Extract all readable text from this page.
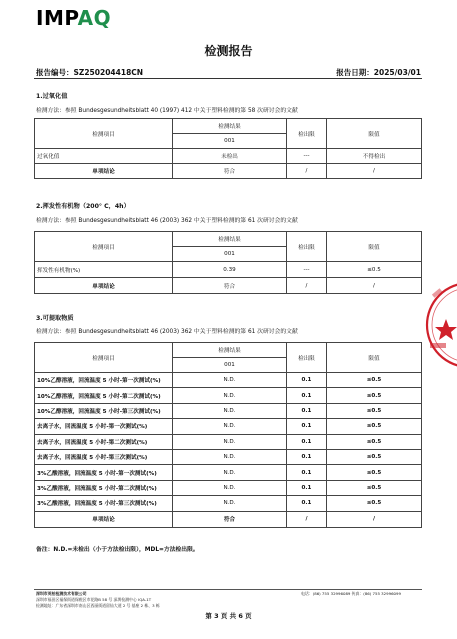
IMPAQ
检测报告
报告编号：SZ250204418CN	报告日期：2025/03/01
1.过氧化值
检测方法：参照 Bundesgesundheitsblatt 40 (1997) 412 中关于塑料检测的第 58 次研讨会的文献
检测项目	检测结果	检出限	限值
	001		
过氧化值	未检出	---	不得检出
单项结论	符合	/	/
2.挥发性有机物（200° C，4h）
检测方法：参照 Bundesgesundheitsblatt 46 (2003) 362 中关于塑料检测的第 61 次研讨会的文献
检测项目	检测结果	检出限	限值
	001		
挥发性有机物(%)	0.39	---	≤0.5
单项结论	符合	/	/
3.可提取物质
检测方法：参照 Bundesgesundheitsblatt 46 (2003) 362 中关于塑料检测的第 61 次研讨会的文献
检测项目	检测结果	检出限	限值
	001		
10%乙醇溶液，回流温度 5 小时-第一次测试(%)	N.D.	0.1	≤0.5
10%乙醇溶液，回流温度 5 小时-第二次测试(%)	N.D.	0.1	≤0.5
10%乙醇溶液，回流温度 5 小时-第三次测试(%)	N.D.	0.1	≤0.5
去离子水，回流温度 5 小时-第一次测试(%)	N.D.	0.1	≤0.5
去离子水，回流温度 5 小时-第二次测试(%)	N.D.	0.1	≤0.5
去离子水，回流温度 5 小时-第三次测试(%)	N.D.	0.1	≤0.5
3%乙酸溶液，回流温度 5 小时-第一次测试(%)	N.D.	0.1	≤0.5
3%乙酸溶液，回流温度 5 小时-第二次测试(%)	N.D.	0.1	≤0.5
3%乙酸溶液，回流温度 5 小时-第三次测试(%)	N.D.	0.1	≤0.5
单项结论	符合	/	/
备注：N.D.=未检出（小于方法检出限），MDL=方法检出限。
深圳市英柏检测技术有限公司
深圳市福田区福保街道保税区市花路B 58 号 深圳检测中心 IQA-1T
检测地址：广东省深圳市南山区西丽街道留仙大道 2 号 基座 2 栋、3 栋
电话：(86) 755 32996089 传真：(86) 755 32996099
第 3 页 共 6 页
